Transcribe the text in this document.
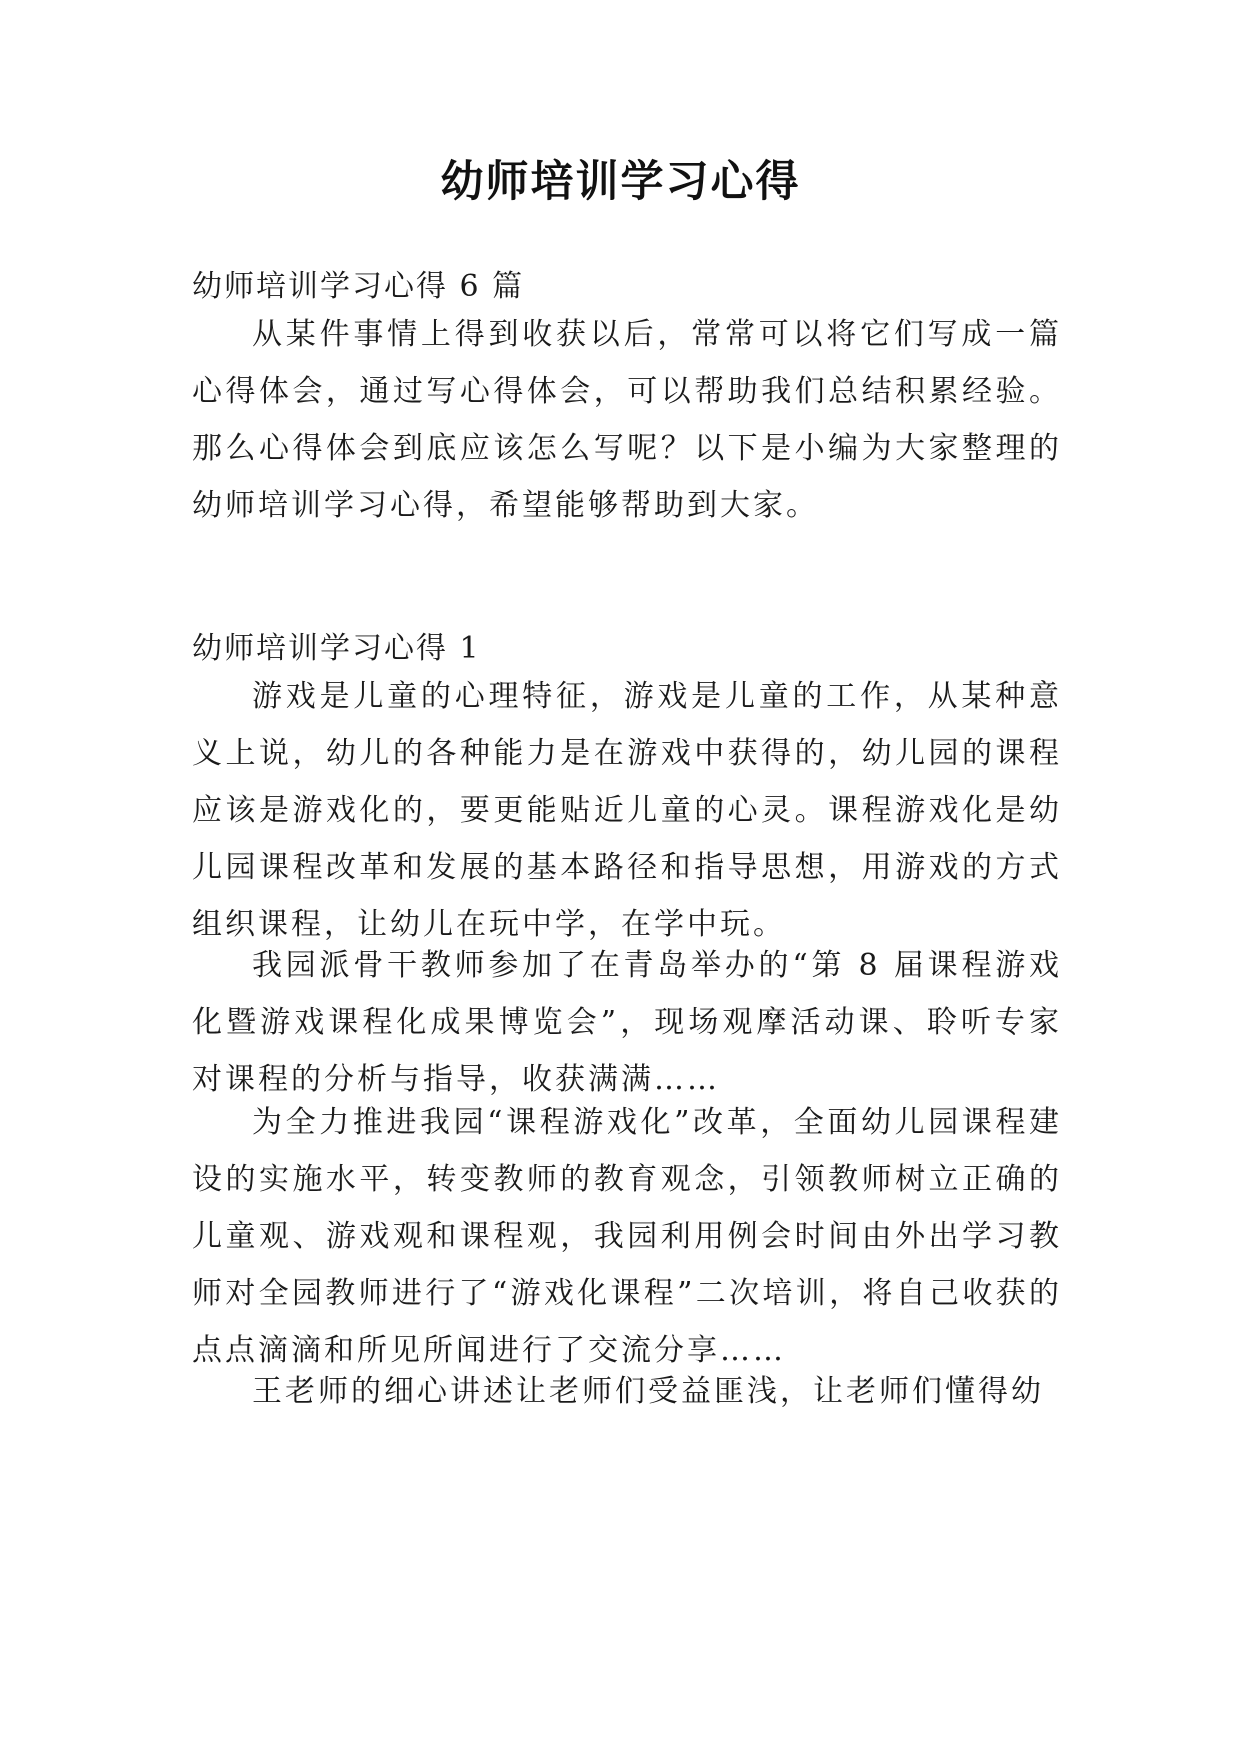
幼师培训学习心得

幼师培训学习心得 6 篇

从某件事情上得到收获以后，常常可以将它们写成一篇心得体会，通过写心得体会，可以帮助我们总结积累经验。那么心得体会到底应该怎么写呢？以下是小编为大家整理的幼师培训学习心得，希望能够帮助到大家。

幼师培训学习心得 1

游戏是儿童的心理特征，游戏是儿童的工作，从某种意义上说，幼儿的各种能力是在游戏中获得的，幼儿园的课程应该是游戏化的，要更能贴近儿童的心灵。课程游戏化是幼儿园课程改革和发展的基本路径和指导思想，用游戏的方式组织课程，让幼儿在玩中学，在学中玩。

我园派骨干教师参加了在青岛举办的“第 8 届课程游戏化暨游戏课程化成果博览会”，现场观摩活动课、聆听专家对课程的分析与指导，收获满满……

为全力推进我园“课程游戏化”改革，全面幼儿园课程建设的实施水平，转变教师的教育观念，引领教师树立正确的儿童观、游戏观和课程观，我园利用例会时间由外出学习教师对全园教师进行了“游戏化课程”二次培训，将自己收获的点点滴滴和所见所闻进行了交流分享……

王老师的细心讲述让老师们受益匪浅，让老师们懂得幼
